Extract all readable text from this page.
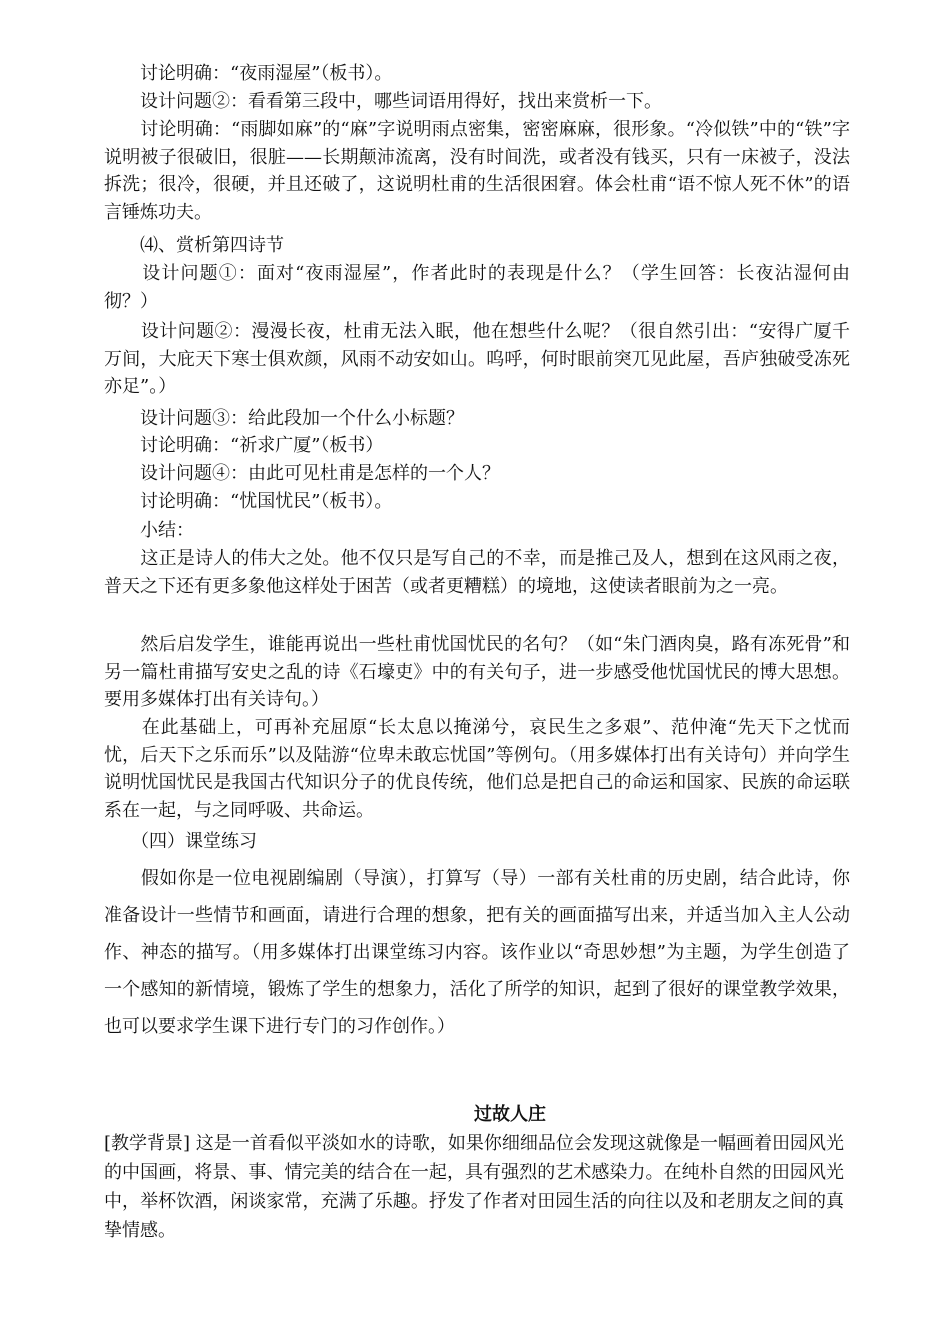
　　讨论明确：“夜雨湿屋”（板书）。

　　设计问题②：看看第三段中，哪些词语用得好，找出来赏析一下。

　　讨论明确：“雨脚如麻”的“麻”字说明雨点密集，密密麻麻，很形象。“冷似铁”中的“铁”字说明被子很破旧，很脏——长期颠沛流离，没有时间洗，或者没有钱买，只有一床被子，没法拆洗；很冷，很硬，并且还破了，这说明杜甫的生活很困窘。体会杜甫“语不惊人死不休”的语言锤炼功夫。

　　⑷、赏析第四诗节

　　设计问题①：面对“夜雨湿屋”，作者此时的表现是什么？（学生回答：长夜沾湿何由彻？）

　　设计问题②：漫漫长夜，杜甫无法入眠，他在想些什么呢？（很自然引出：“安得广厦千万间，大庇天下寒士俱欢颜，风雨不动安如山。呜呼，何时眼前突兀见此屋，吾庐独破受冻死亦足”。）

　　设计问题③：给此段加一个什么小标题？

　　讨论明确：“祈求广厦”（板书）

　　设计问题④：由此可见杜甫是怎样的一个人？

　　讨论明确：“忧国忧民”（板书）。

　　小结：

　　这正是诗人的伟大之处。他不仅只是写自己的不幸，而是推己及人，想到在这风雨之夜，普天之下还有更多象他这样处于困苦（或者更糟糕）的境地，这使读者眼前为之一亮。

　　然后启发学生，谁能再说出一些杜甫忧国忧民的名句？（如“朱门酒肉臭，路有冻死骨”和另一篇杜甫描写安史之乱的诗《石壕吏》中的有关句子，进一步感受他忧国忧民的博大思想。要用多媒体打出有关诗句。）

　　在此基础上，可再补充屈原“长太息以掩涕兮，哀民生之多艰”、范仲淹“先天下之忧而忧，后天下之乐而乐”以及陆游“位卑未敢忘忧国”等例句。（用多媒体打出有关诗句）并向学生说明忧国忧民是我国古代知识分子的优良传统，他们总是把自己的命运和国家、民族的命运联系在一起，与之同呼吸、共命运。

　　（四）课堂练习

　　假如你是一位电视剧编剧（导演），打算写（导）一部有关杜甫的历史剧，结合此诗，你准备设计一些情节和画面，请进行合理的想象，把有关的画面描写出来，并适当加入主人公动作、神态的描写。（用多媒体打出课堂练习内容。该作业以“奇思妙想”为主题，为学生创造了一个感知的新情境，锻炼了学生的想象力，活化了所学的知识，起到了很好的课堂教学效果，也可以要求学生课下进行专门的习作创作。）

过故人庄

[教学背景] 这是一首看似平淡如水的诗歌，如果你细细品位会发现这就像是一幅画着田园风光的中国画，将景、事、情完美的结合在一起，具有强烈的艺术感染力。在纯朴自然的田园风光中，举杯饮酒，闲谈家常，充满了乐趣。抒发了作者对田园生活的向往以及和老朋友之间的真挚情感。
